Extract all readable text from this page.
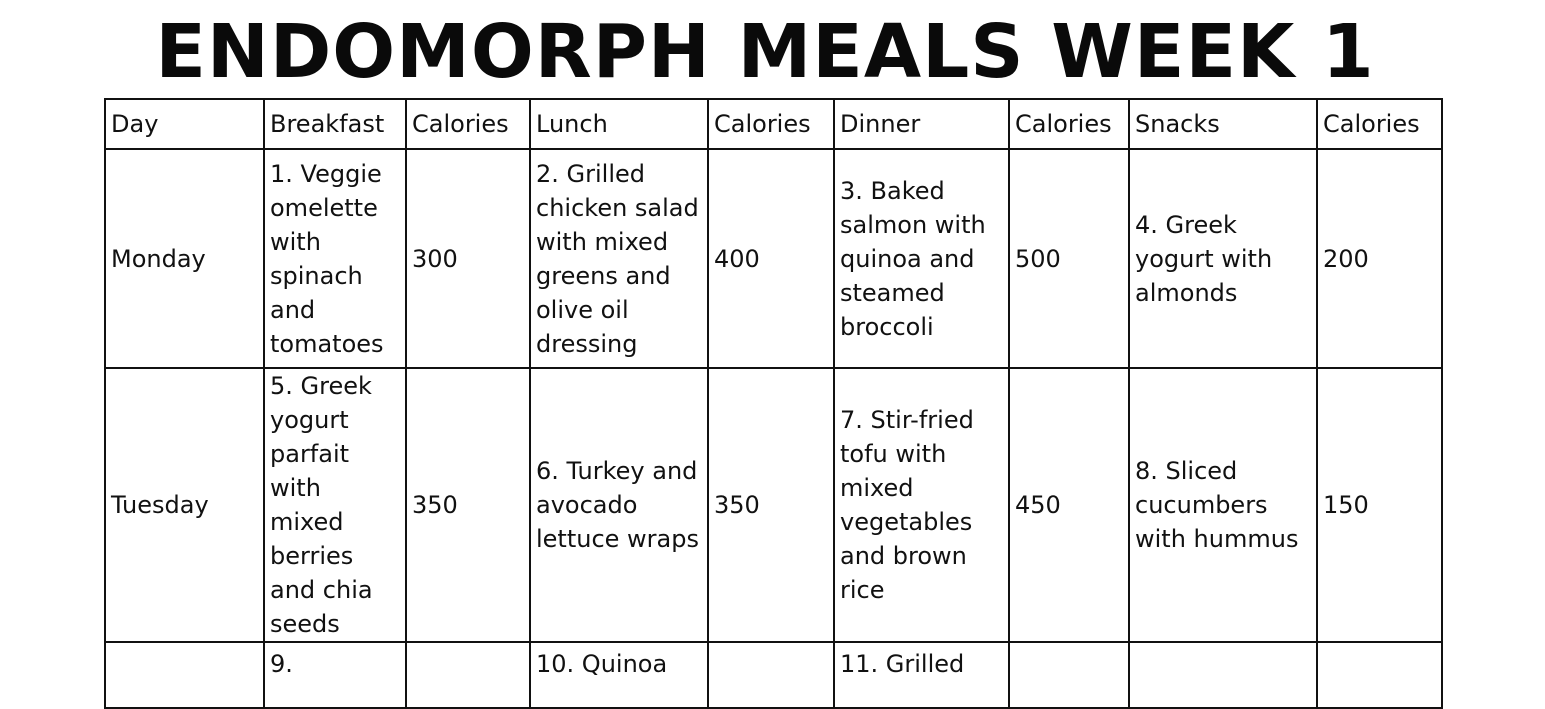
ENDOMORPH MEALS WEEK 1
Day	Breakfast	Calories	Lunch	Calories	Dinner	Calories	Snacks	Calories
Monday	1. Veggie omelette with spinach and tomatoes	300	2. Grilled chicken salad with mixed greens and olive oil dressing	400	3. Baked salmon with quinoa and steamed broccoli	500	4. Greek yogurt with almonds	200
Tuesday	5. Greek yogurt parfait with mixed berries and chia seeds	350	6. Turkey and avocado lettuce wraps	350	7. Stir-fried tofu with mixed vegetables and brown rice	450	8. Sliced cucumbers with hummus	150

	9.		10. Quinoa		11. Grilled			
